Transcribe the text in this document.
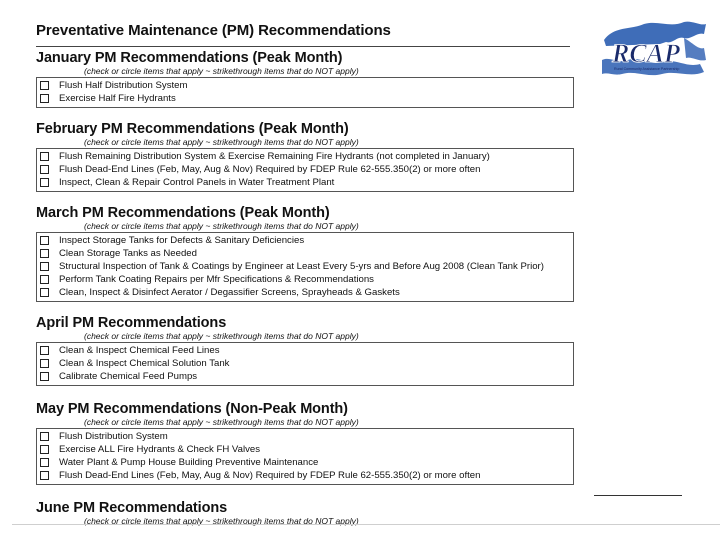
Preventative Maintenance (PM) Recommendations
RCAP
Rural Community Assistance Partnership
January PM Recommendations (Peak Month)
(check or circle items that apply ~ strikethrough items that do NOT apply)
Flush Half Distribution System
Exercise Half Fire Hydrants
February PM Recommendations (Peak Month)
(check or circle items that apply ~ strikethrough items that do NOT apply)
Flush Remaining Distribution System & Exercise Remaining Fire Hydrants (not completed in January)
Flush Dead-End Lines (Feb, May, Aug & Nov) Required by FDEP Rule 62-555.350(2) or more often
Inspect, Clean & Repair Control Panels in Water Treatment Plant
March PM Recommendations (Peak Month)
(check or circle items that apply ~ strikethrough items that do NOT apply)
Inspect Storage Tanks for Defects & Sanitary Deficiencies
Clean Storage Tanks as Needed
Structural Inspection of Tank & Coatings by Engineer at Least Every 5-yrs and Before Aug 2008 (Clean Tank Prior)
Perform Tank Coating Repairs per Mfr Specifications & Recommendations
Clean, Inspect & Disinfect Aerator / Degassifier Screens, Sprayheads & Gaskets
April PM Recommendations
(check or circle items that apply ~ strikethrough items that do NOT apply)
Clean & Inspect Chemical Feed Lines
Clean & Inspect Chemical Solution Tank
Calibrate Chemical Feed Pumps
May PM Recommendations (Non-Peak Month)
(check or circle items that apply ~ strikethrough items that do NOT apply)
Flush Distribution System
Exercise ALL Fire Hydrants & Check FH Valves
Water Plant & Pump House Building Preventive Maintenance
Flush Dead-End Lines (Feb, May, Aug & Nov) Required by FDEP Rule 62-555.350(2) or more often
June PM Recommendations
(check or circle items that apply ~ strikethrough items that do NOT apply)
